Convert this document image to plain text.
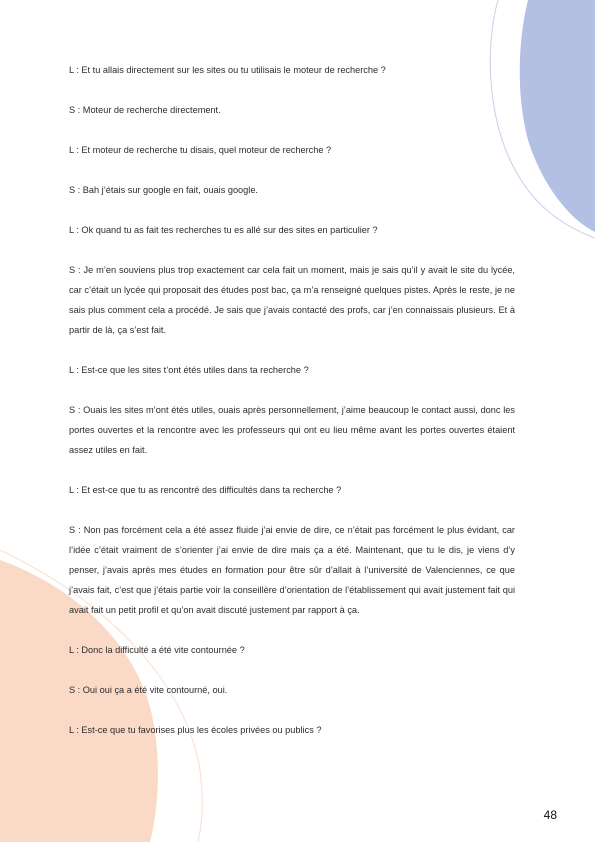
L : Et tu allais directement sur les sites ou tu utilisais le moteur de recherche ?

S : Moteur de recherche directement.

L : Et moteur de recherche tu disais, quel moteur de recherche ?

S : Bah j’étais sur google en fait, ouais google.

L : Ok quand tu as fait tes recherches tu es allé sur des sites en particulier ?

S : Je m’en souviens plus trop exactement car cela fait un moment, mais je sais qu’il y avait le site du lycée, car c’était un lycée qui proposait des études post bac, ça m’a renseigné quelques pistes. Après le reste, je ne sais plus comment cela a procédé. Je sais que j’avais contacté des profs, car j’en connaissais plusieurs. Et à partir de là, ça s’est fait.

L : Est-ce que les sites t’ont étés utiles dans ta recherche ?

S : Ouais les sites m’ont étés utiles, ouais après personnellement, j’aime beaucoup le contact aussi, donc les portes ouvertes et la rencontre avec les professeurs qui ont eu lieu même avant les portes ouvertes étaient assez utiles en fait.

L : Et est-ce que tu as rencontré des difficultés dans ta recherche ?

S : Non pas forcément cela a été assez fluide j’ai envie de dire, ce n’était pas forcément le plus évidant, car l’idée c’était vraiment de s’orienter j’ai envie de dire mais ça a été. Maintenant, que tu le dis, je viens d’y penser, j’avais après mes études en formation pour être sûr d’allait à l’université de Valenciennes, ce que j’avais fait, c’est que j’étais partie voir la conseillère d’orientation de l’établissement qui avait justement fait qui avait fait un petit profil et qu’on avait discuté justement par rapport à ça.

L : Donc la difficulté a été vite contournée ?

S : Oui oui ça a été vite contourné, oui.

L : Est-ce que tu favorises plus les écoles privées ou publics ?

48
